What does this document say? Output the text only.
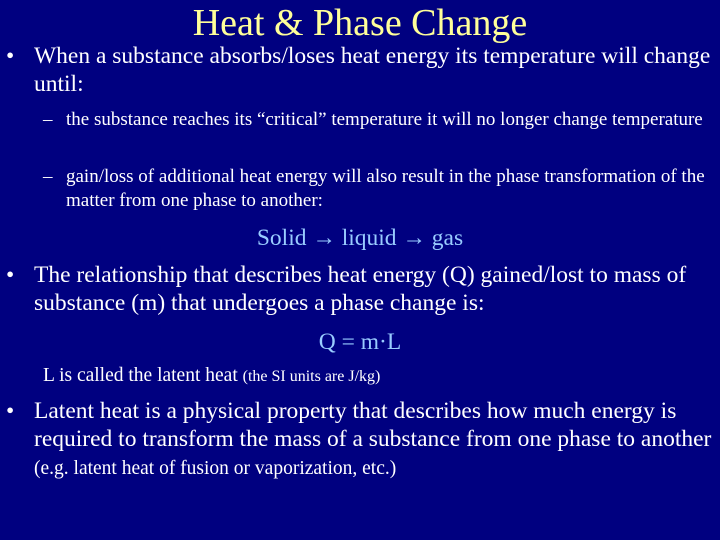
Heat & Phase Change
• When a substance absorbs/loses heat energy its temperature will change until:
– the substance reaches its “critical” temperature it will no longer change temperature
– gain/loss of additional heat energy will also result in the phase transformation of the matter from one phase to another:
Solid → liquid → gas
• The relationship that describes heat energy (Q) gained/lost to mass of substance (m) that undergoes a phase change is:
Q = m·L
L is called the latent heat (the SI units are J/kg)
• Latent heat is a physical property that describes how much energy is required to transform the mass of a substance from one phase to another (e.g. latent heat of fusion or vaporization, etc.)
